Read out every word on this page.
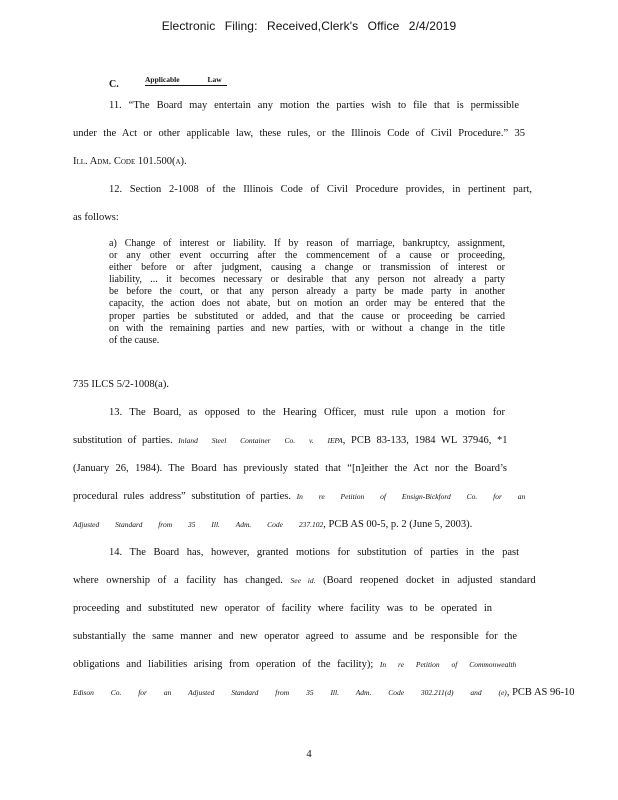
Electronic Filing: Received,Clerk's Office 2/4/2019
C.	Applicable Law
11. “The Board may entertain any motion the parties wish to file that is permissible
under the Act or other applicable law, these rules, or the Illinois Code of Civil Procedure.” 35
Ill. Adm. Code 101.500(a).
12. Section 2-1008 of the Illinois Code of Civil Procedure provides, in pertinent part,
as follows:
a) Change of interest or liability. If by reason of marriage, bankruptcy, assignment,
or any other event occurring after the commencement of a cause or proceeding,
either before or after judgment, causing a change or transmission of interest or
liability, ... it becomes necessary or desirable that any person not already a party
be before the court, or that any person already a party be made party in another
capacity, the action does not abate, but on motion an order may be entered that the
proper parties be substituted or added, and that the cause or proceeding be carried
on with the remaining parties and new parties, with or without a change in the title
of the cause.
735 ILCS 5/2-1008(a).
13. The Board, as opposed to the Hearing Officer, must rule upon a motion for
substitution of parties. Inland Steel Container Co. v. IEPA, PCB 83-133, 1984 WL 37946, *1
(January 26, 1984). The Board has previously stated that “[n]either the Act nor the Board’s
procedural rules address” substitution of parties. In re Petition of Ensign-Bickford Co. for an
Adjusted Standard from 35 Ill. Adm. Code 237.102, PCB AS 00-5, p. 2 (June 5, 2003).
14. The Board has, however, granted motions for substitution of parties in the past
where ownership of a facility has changed. See id. (Board reopened docket in adjusted standard
proceeding and substituted new operator of facility where facility was to be operated in
substantially the same manner and new operator agreed to assume and be responsible for the
obligations and liabilities arising from operation of the facility); In re Petition of Commonwealth
Edison Co. for an Adjusted Standard from 35 Ill. Adm. Code 302.211(d) and (e), PCB AS 96-10
4
